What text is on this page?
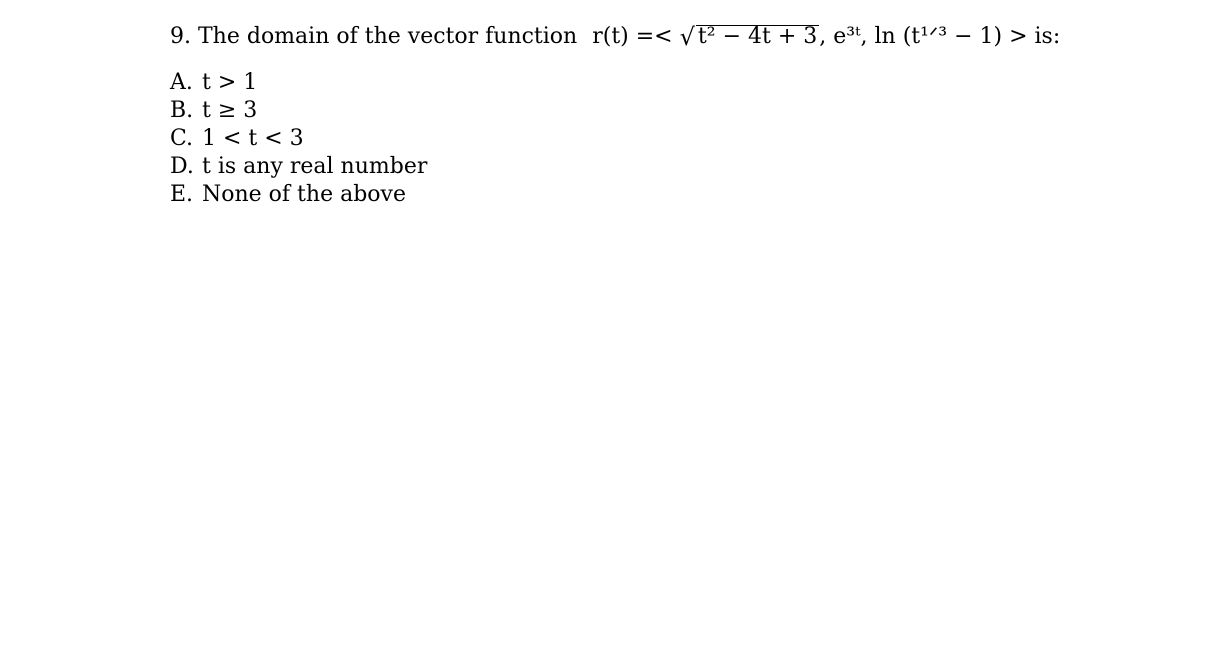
9. The domain of the vector function r(t) =< √ t² − 4t + 3, e³ᵗ, ln (t¹ᐟ³ − 1) > is:
A. t > 1
B. t ≥ 3
C. 1 < t < 3
D. t is any real number
E. None of the above
